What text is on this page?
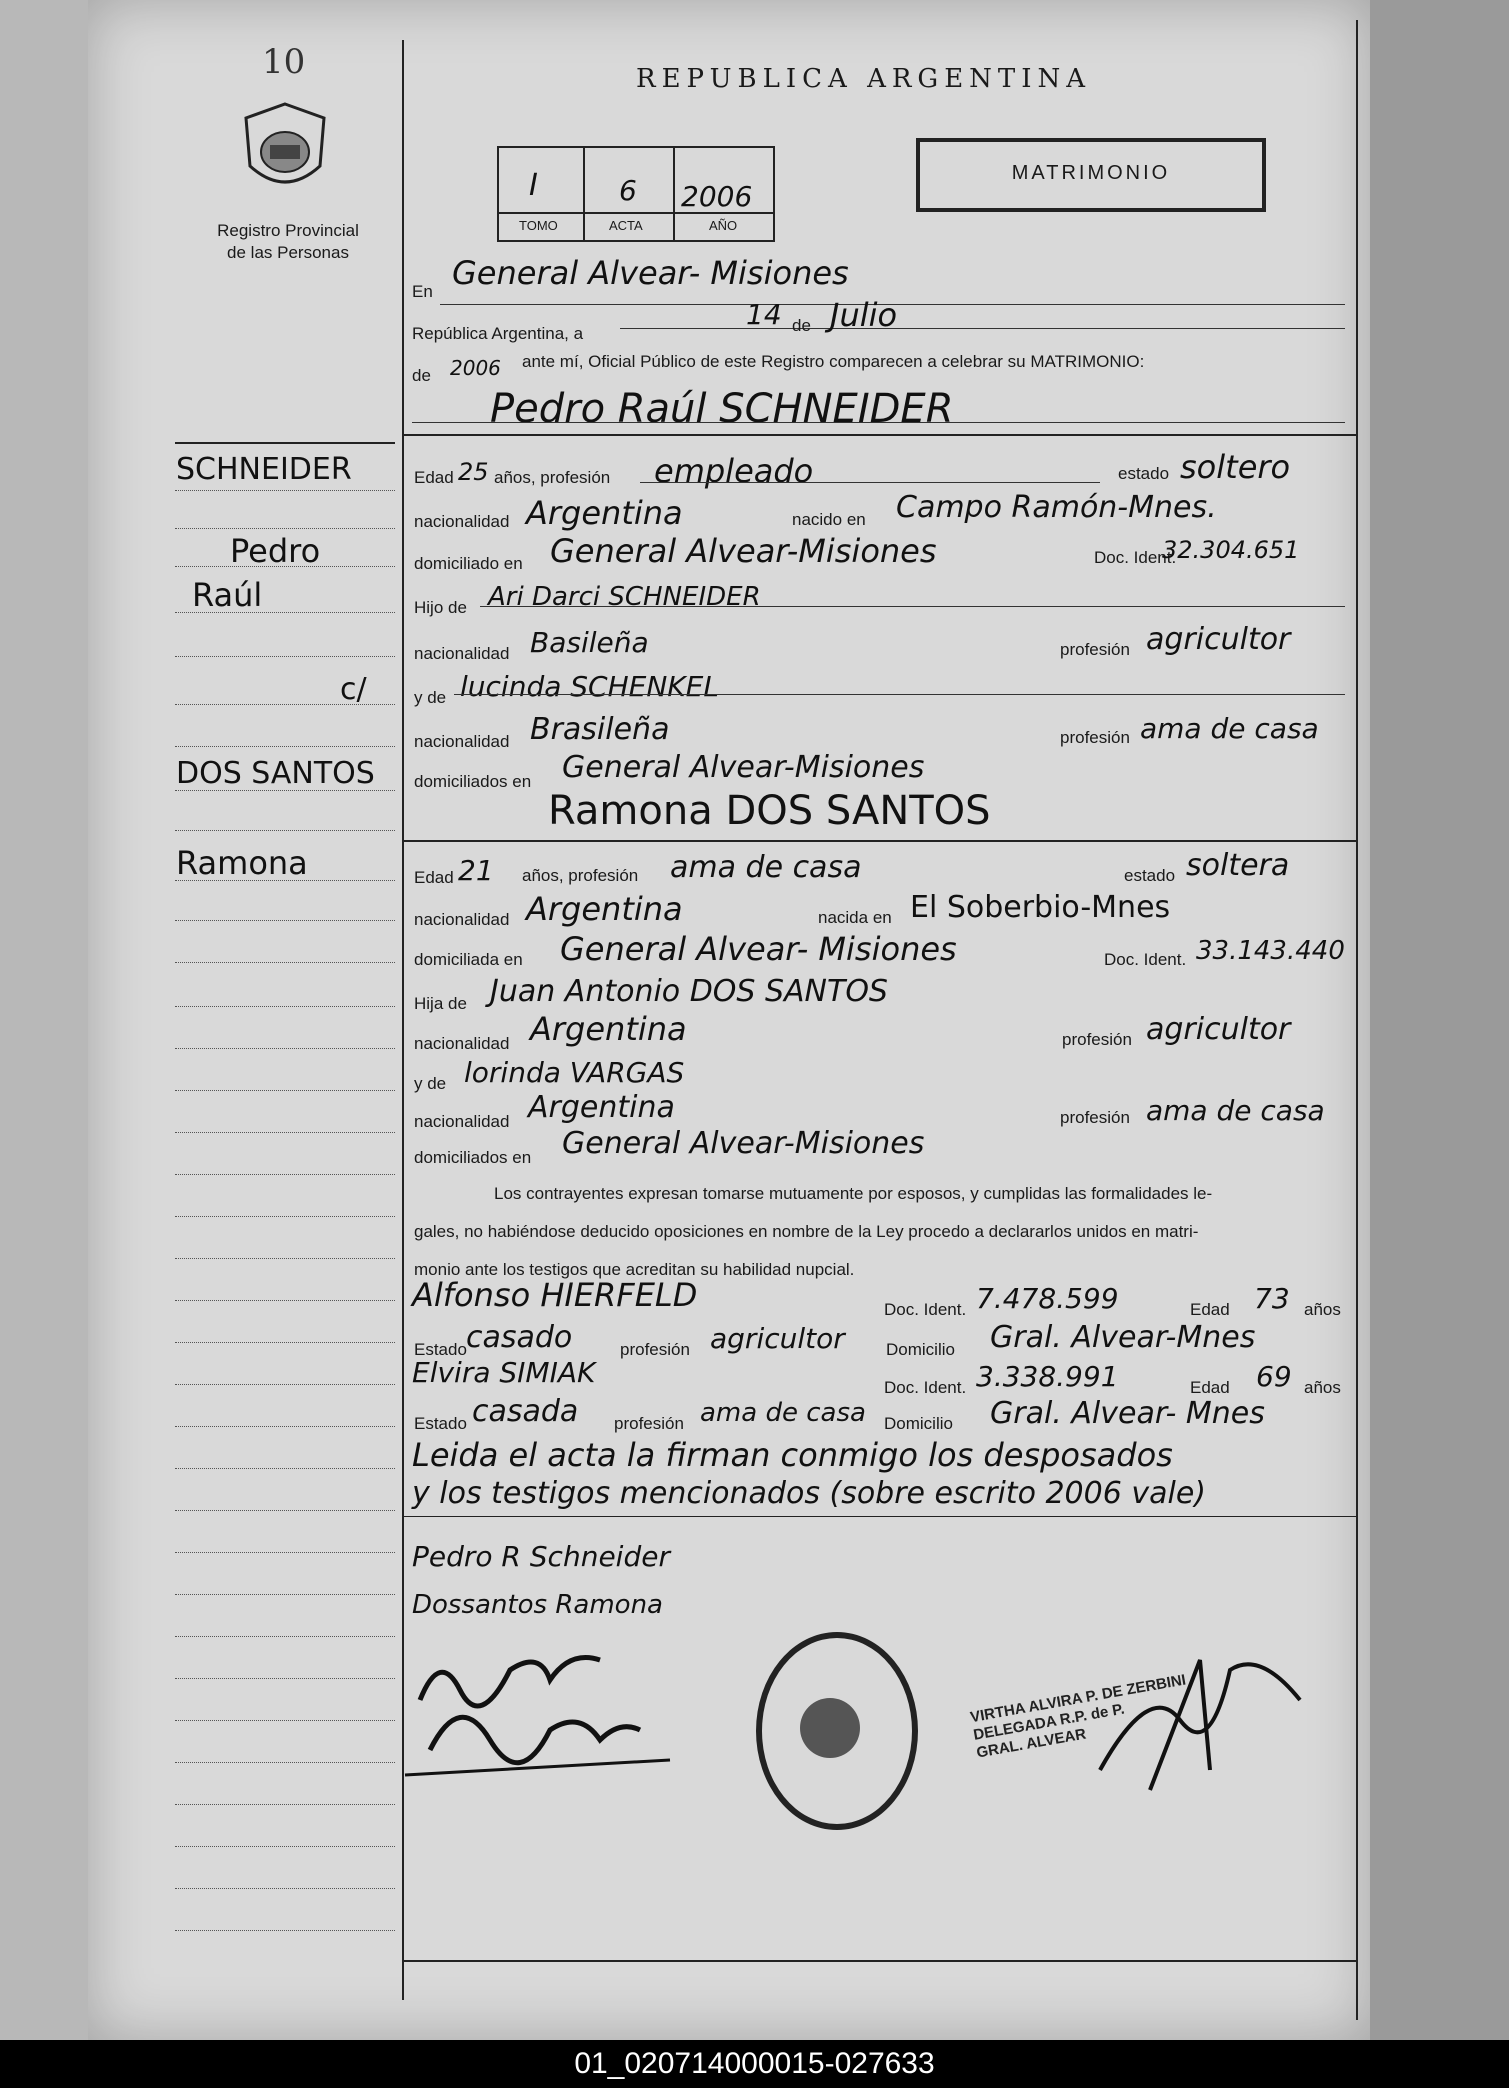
10
Registro Provincial
de las Personas
REPUBLICA ARGENTINA
MATRIMONIO
I
TOMO
6
ACTA
2006
AÑO
En General Alvear- Misiones
República Argentina, a
14 de Julio
de 2006 ante mí, Oficial Público de este Registro comparecen a celebrar su MATRIMONIO:
Pedro Raúl SCHNEIDER
SCHNEIDER
Pedro
Raúl
c/
DOS SANTOS
Ramona
Edad 25 años, profesión empleado	estado soltero
nacionalidad Argentina	nacido en Campo Ramón-Mnes.
domiciliado en General Alvear-Misiones	Doc. Ident.
32.304.651
Hijo de Ari Darci SCHNEIDER
nacionalidad Basileña	profesión agricultor
y de lucinda SCHENKEL
nacionalidad Brasileña	profesión ama de casa
domiciliados en General Alvear-Misiones
Ramona DOS SANTOS
Edad 21 años, profesión ama de casa	estado soltera
nacionalidad Argentina	nacida en El Soberbio-Mnes
domiciliada en General Alvear- Misiones	Doc. Ident. 33.143.440
Hija de Juan Antonio DOS SANTOS
nacionalidad Argentina	profesión agricultor
y de lorinda VARGAS
nacionalidad Argentina	profesión ama de casa
domiciliados en General Alvear-Misiones
Los contrayentes expresan tomarse mutuamente por esposos, y cumplidas las formalidades le-
gales, no habiéndose deducido oposiciones en nombre de la Ley procedo a declararlos unidos en matri-
monio ante los testigos que acreditan su habilidad nupcial.
Alfonso HIERFELD	Doc. Ident. 7.478.599	Edad 73 años
Estado casado	profesión agricultor Domicilio Gral. Alvear-Mnes
Elvira SIMIAK	Doc. Ident. 3.338.991	Edad 69 años
Estado casada profesión ama de casa Domicilio Gral. Alvear- Mnes
Leida el acta la firman conmigo los desposados
y los testigos mencionados (sobre escrito 2006 vale)
Pedro R Schneider
Dossantos Ramona
VIRTHA ALVIRA P. DE ZERBINI
DELEGADA R.P. de P.
GRAL. ALVEAR
01_020714000015-027633
